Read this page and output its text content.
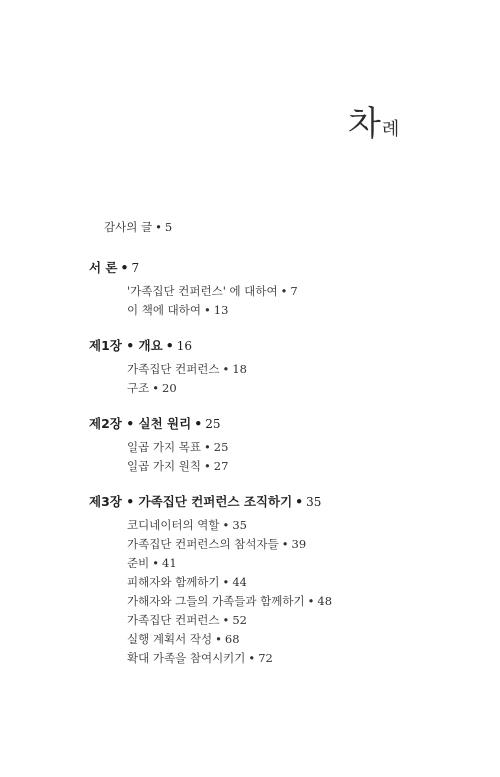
차례
감사의 글 • 5
서 론 • 7
'가족집단 컨퍼런스' 에 대하여 • 7
이 책에 대하여 • 13
제1장 • 개요 • 16
가족집단 컨퍼런스 • 18
구조 • 20
제2장 • 실천 원리 • 25
일곱 가지 목표 • 25
일곱 가지 원칙 • 27
제3장 • 가족집단 컨퍼런스 조직하기 • 35
코디네이터의 역할 • 35
가족집단 컨퍼런스의 참석자들 • 39
준비 • 41
피해자와 함께하기 • 44
가해자와 그들의 가족들과 함께하기 • 48
가족집단 컨퍼런스 • 52
실행 계획서 작성 • 68
확대 가족을 참여시키기 • 72
